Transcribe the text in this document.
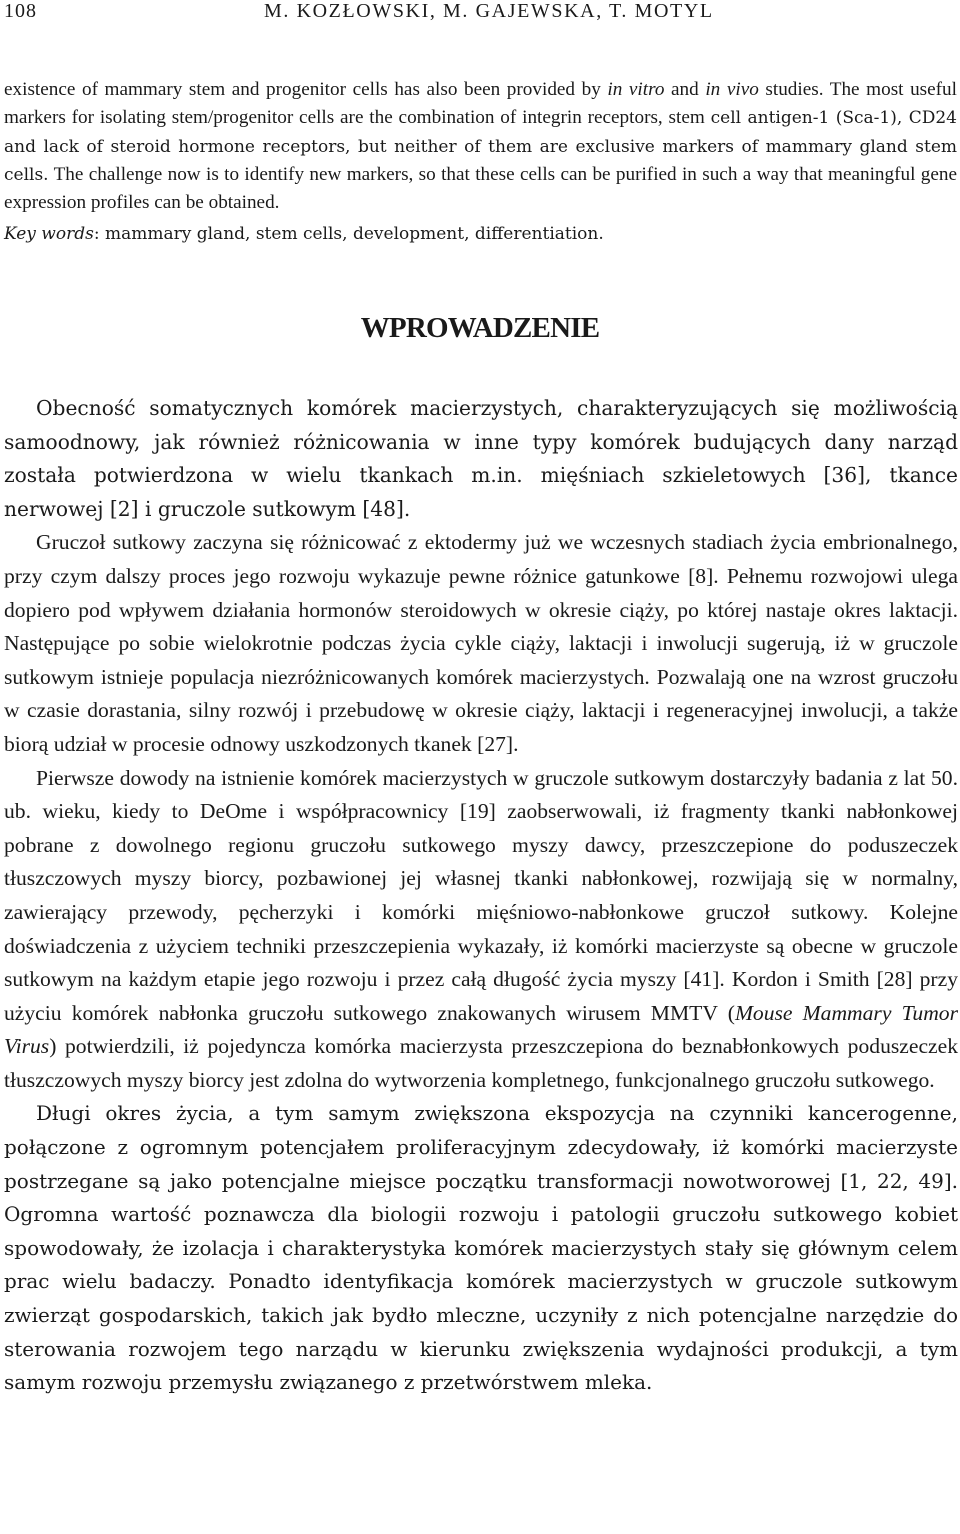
108	M. KOZŁOWSKI, M. GAJEWSKA, T. MOTYL

existence of mammary stem and progenitor cells has also been provided by in vitro and in vivo studies. The most useful markers for isolating stem/progenitor cells are the combination of integrin receptors, stem cell antigen-1 (Sca-1), CD24 and lack of steroid hormone receptors, but neither of them are exclusive markers of mammary gland stem cells. The challenge now is to identify new markers, so that these cells can be purified in such a way that meaningful gene expression profiles can be obtained.

Key words: mammary gland, stem cells, development, differentiation.

WPROWADZENIE

Obecność somatycznych komórek macierzystych, charakteryzujących się możliwością samoodnowy, jak również różnicowania w inne typy komórek budujących dany narząd została potwierdzona w wielu tkankach m.in. mięśniach szkieletowych [36], tkance nerwowej [2] i gruczole sutkowym [48].

Gruczoł sutkowy zaczyna się różnicować z ektodermy już we wczesnych stadiach życia embrionalnego, przy czym dalszy proces jego rozwoju wykazuje pewne różnice gatunkowe [8]. Pełnemu rozwojowi ulega dopiero pod wpływem działania hormonów steroidowych w okresie ciąży, po której nastaje okres laktacji. Następujące po sobie wielokrotnie podczas życia cykle ciąży, laktacji i inwolucji sugerują, iż w gruczole sutkowym istnieje populacja niezróżnicowanych komórek macierzystych. Pozwalają one na wzrost gruczołu w czasie dorastania, silny rozwój i przebudowę w okresie ciąży, laktacji i regeneracyjnej inwolucji, a także biorą udział w procesie odnowy uszkodzonych tkanek [27].

Pierwsze dowody na istnienie komórek macierzystych w gruczole sutkowym dostarczyły badania z lat 50. ub. wieku, kiedy to DeOme i współpracownicy [19] zaobserwowali, iż fragmenty tkanki nabłonkowej pobrane z dowolnego regionu gruczołu sutkowego myszy dawcy, przeszczepione do poduszeczek tłuszczowych myszy biorcy, pozbawionej jej własnej tkanki nabłonkowej, rozwijają się w normalny, zawierający przewody, pęcherzyki i komórki mięśniowo-nabłonkowe gruczoł sutkowy. Kolejne doświadczenia z użyciem techniki przeszczepienia wykazały, iż komórki macierzyste są obecne w gruczole sutkowym na każdym etapie jego rozwoju i przez całą długość życia myszy [41]. Kordon i Smith [28] przy użyciu komórek nabłonka gruczołu sutkowego znakowanych wirusem MMTV (Mouse Mammary Tumor Virus) potwierdzili, iż pojedyncza komórka macierzysta przeszczepiona do beznabłonkowych poduszeczek tłuszczowych myszy biorcy jest zdolna do wytworzenia kompletnego, funkcjonalnego gruczołu sutkowego.

Długi okres życia, a tym samym zwiększona ekspozycja na czynniki kancerogenne, połączone z ogromnym potencjałem proliferacyjnym zdecydowały, iż komórki macierzyste postrzegane są jako potencjalne miejsce początku transformacji nowotworowej [1, 22, 49]. Ogromna wartość poznawcza dla biologii rozwoju i patologii gruczołu sutkowego kobiet spowodowały, że izolacja i charakterystyka komórek macierzystych stały się głównym celem prac wielu badaczy. Ponadto identyfikacja komórek macierzystych w gruczole sutkowym zwierząt gospodarskich, takich jak bydło mleczne, uczyniły z nich potencjalne narzędzie do sterowania rozwojem tego narządu w kierunku zwiększenia wydajności produkcji, a tym samym rozwoju przemysłu związanego z przetwórstwem mleka.
